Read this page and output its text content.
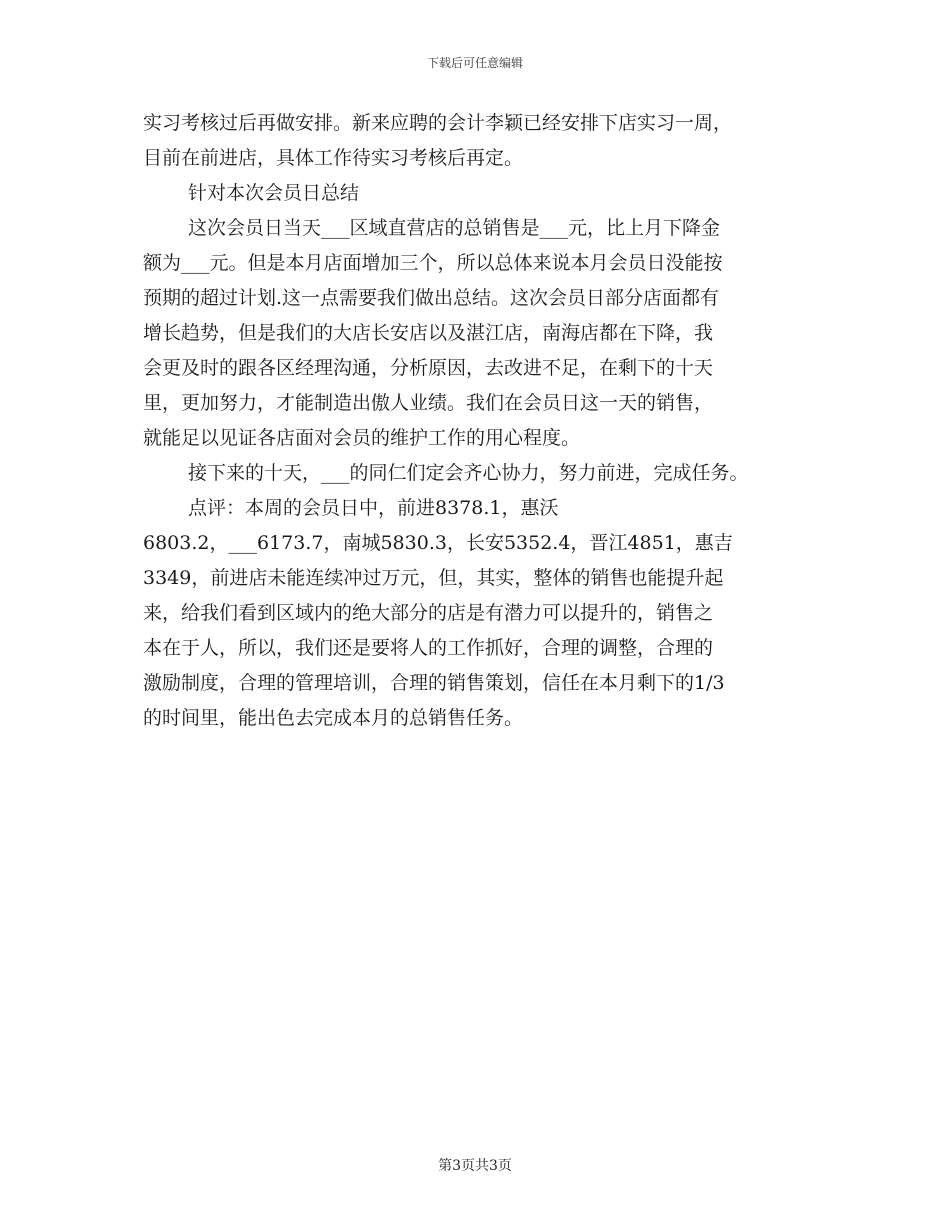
下载后可任意编辑
实习考核过后再做安排。新来应聘的会计李颖已经安排下店实习一周，
目前在前进店，具体工作待实习考核后再定。
针对本次会员日总结
这次会员日当天___区域直营店的总销售是___元，比上月下降金
额为___元。但是本月店面增加三个，所以总体来说本月会员日没能按
预期的超过计划.这一点需要我们做出总结。这次会员日部分店面都有
增长趋势，但是我们的大店长安店以及湛江店，南海店都在下降，我
会更及时的跟各区经理沟通，分析原因，去改进不足，在剩下的十天
里，更加努力，才能制造出傲人业绩。我们在会员日这一天的销售，
就能足以见证各店面对会员的维护工作的用心程度。
接下来的十天，___的同仁们定会齐心协力，努力前进，完成任务。
点评：本周的会员日中，前进8378.1，惠沃
6803.2，___6173.7，南城5830.3，长安5352.4，晋江4851，惠吉
3349，前进店未能连续冲过万元，但，其实，整体的销售也能提升起
来，给我们看到区域内的绝大部分的店是有潜力可以提升的，销售之
本在于人，所以，我们还是要将人的工作抓好，合理的调整，合理的
激励制度，合理的管理培训，合理的销售策划，信任在本月剩下的1/3
的时间里，能出色去完成本月的总销售任务。
第3页共3页
